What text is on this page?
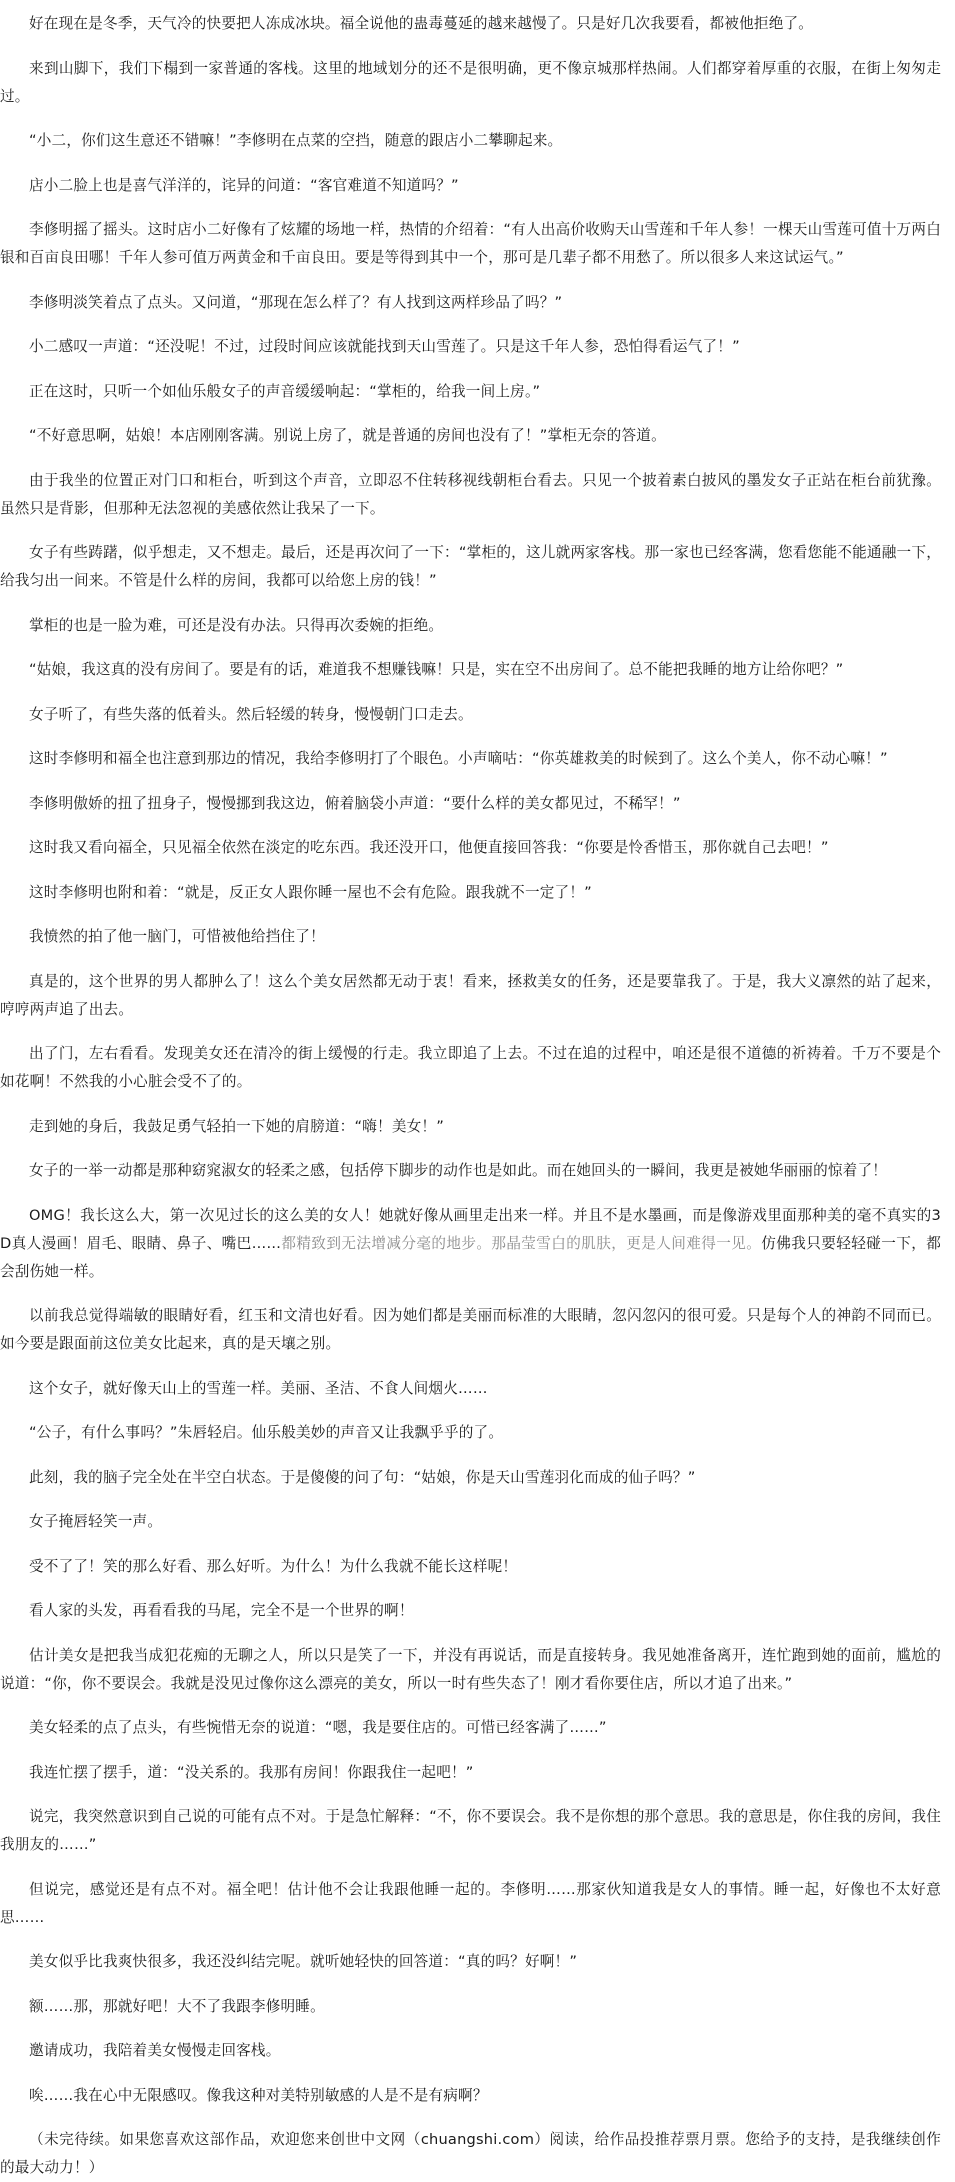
好在现在是冬季，天气冷的快要把人冻成冰块。福全说他的蛊毒蔓延的越来越慢了。只是好几次我要看，都被他拒绝了。

来到山脚下，我们下榻到一家普通的客栈。这里的地域划分的还不是很明确，更不像京城那样热闹。人们都穿着厚重的衣服，在街上匆匆走过。

“小二，你们这生意还不错嘛！”李修明在点菜的空挡，随意的跟店小二攀聊起来。

店小二脸上也是喜气洋洋的，诧异的问道：“客官难道不知道吗？”

李修明摇了摇头。这时店小二好像有了炫耀的场地一样，热情的介绍着：“有人出高价收购天山雪莲和千年人参！一棵天山雪莲可值十万两白银和百亩良田哪！千年人参可值万两黄金和千亩良田。要是等得到其中一个，那可是几辈子都不用愁了。所以很多人来这试运气。”

李修明淡笑着点了点头。又问道，“那现在怎么样了？有人找到这两样珍品了吗？”

小二感叹一声道：“还没呢！不过，过段时间应该就能找到天山雪莲了。只是这千年人参，恐怕得看运气了！”

正在这时，只听一个如仙乐般女子的声音缓缓响起：“掌柜的，给我一间上房。”

“不好意思啊，姑娘！本店刚刚客满。别说上房了，就是普通的房间也没有了！”掌柜无奈的答道。

由于我坐的位置正对门口和柜台，听到这个声音，立即忍不住转移视线朝柜台看去。只见一个披着素白披风的墨发女子正站在柜台前犹豫。虽然只是背影，但那种无法忽视的美感依然让我呆了一下。

女子有些踌躇，似乎想走，又不想走。最后，还是再次问了一下：“掌柜的，这儿就两家客栈。那一家也已经客满，您看您能不能通融一下，给我匀出一间来。不管是什么样的房间，我都可以给您上房的钱！”

掌柜的也是一脸为难，可还是没有办法。只得再次委婉的拒绝。

“姑娘，我这真的没有房间了。要是有的话，难道我不想赚钱嘛！只是，实在空不出房间了。总不能把我睡的地方让给你吧？”

女子听了，有些失落的低着头。然后轻缓的转身，慢慢朝门口走去。

这时李修明和福全也注意到那边的情况，我给李修明打了个眼色。小声嘀咕：“你英雄救美的时候到了。这么个美人，你不动心嘛！”

李修明傲娇的扭了扭身子，慢慢挪到我这边，俯着脑袋小声道：“要什么样的美女都见过，不稀罕！”

这时我又看向福全，只见福全依然在淡定的吃东西。我还没开口，他便直接回答我：“你要是怜香惜玉，那你就自己去吧！”

这时李修明也附和着：“就是，反正女人跟你睡一屋也不会有危险。跟我就不一定了！”

我愤然的拍了他一脑门，可惜被他给挡住了！

真是的，这个世界的男人都肿么了！这么个美女居然都无动于衷！看来，拯救美女的任务，还是要靠我了。于是，我大义凛然的站了起来，哼哼两声追了出去。

出了门，左右看看。发现美女还在清冷的街上缓慢的行走。我立即追了上去。不过在追的过程中，咱还是很不道德的祈祷着。千万不要是个如花啊！不然我的小心脏会受不了的。

走到她的身后，我鼓足勇气轻拍一下她的肩膀道：“嗨！美女！”

女子的一举一动都是那种窈窕淑女的轻柔之感，包括停下脚步的动作也是如此。而在她回头的一瞬间，我更是被她华丽丽的惊着了！

OMG！我长这么大，第一次见过长的这么美的女人！她就好像从画里走出来一样。并且不是水墨画，而是像游戏里面那种美的毫不真实的3D真人漫画！眉毛、眼睛、鼻子、嘴巴……都精致到无法增减分毫的地步。那晶莹雪白的肌肤，更是人间难得一见。仿佛我只要轻轻碰一下，都会刮伤她一样。

以前我总觉得端敏的眼睛好看，红玉和文清也好看。因为她们都是美丽而标准的大眼睛，忽闪忽闪的很可爱。只是每个人的神韵不同而已。如今要是跟面前这位美女比起来，真的是天壤之别。

这个女子，就好像天山上的雪莲一样。美丽、圣洁、不食人间烟火……

“公子，有什么事吗？”朱唇轻启。仙乐般美妙的声音又让我飘乎乎的了。

此刻，我的脑子完全处在半空白状态。于是傻傻的问了句：“姑娘，你是天山雪莲羽化而成的仙子吗？”

女子掩唇轻笑一声。

受不了了！笑的那么好看、那么好听。为什么！为什么我就不能长这样呢！

看人家的头发，再看看我的马尾，完全不是一个世界的啊！

估计美女是把我当成犯花痴的无聊之人，所以只是笑了一下，并没有再说话，而是直接转身。我见她准备离开，连忙跑到她的面前，尴尬的说道：“你，你不要误会。我就是没见过像你这么漂亮的美女，所以一时有些失态了！刚才看你要住店，所以才追了出来。”

美女轻柔的点了点头，有些惋惜无奈的说道：“嗯，我是要住店的。可惜已经客满了……”

我连忙摆了摆手，道：“没关系的。我那有房间！你跟我住一起吧！”

说完，我突然意识到自己说的可能有点不对。于是急忙解释：“不，你不要误会。我不是你想的那个意思。我的意思是，你住我的房间，我住我朋友的……”

但说完，感觉还是有点不对。福全吧！估计他不会让我跟他睡一起的。李修明……那家伙知道我是女人的事情。睡一起，好像也不太好意思……

美女似乎比我爽快很多，我还没纠结完呢。就听她轻快的回答道：“真的吗？好啊！”

额……那，那就好吧！大不了我跟李修明睡。

邀请成功，我陪着美女慢慢走回客栈。

唉……我在心中无限感叹。像我这种对美特别敏感的人是不是有病啊？

（未完待续。如果您喜欢这部作品，欢迎您来创世中文网（chuangshi.com）阅读，给作品投推荐票月票。您给予的支持，是我继续创作的最大动力！）
